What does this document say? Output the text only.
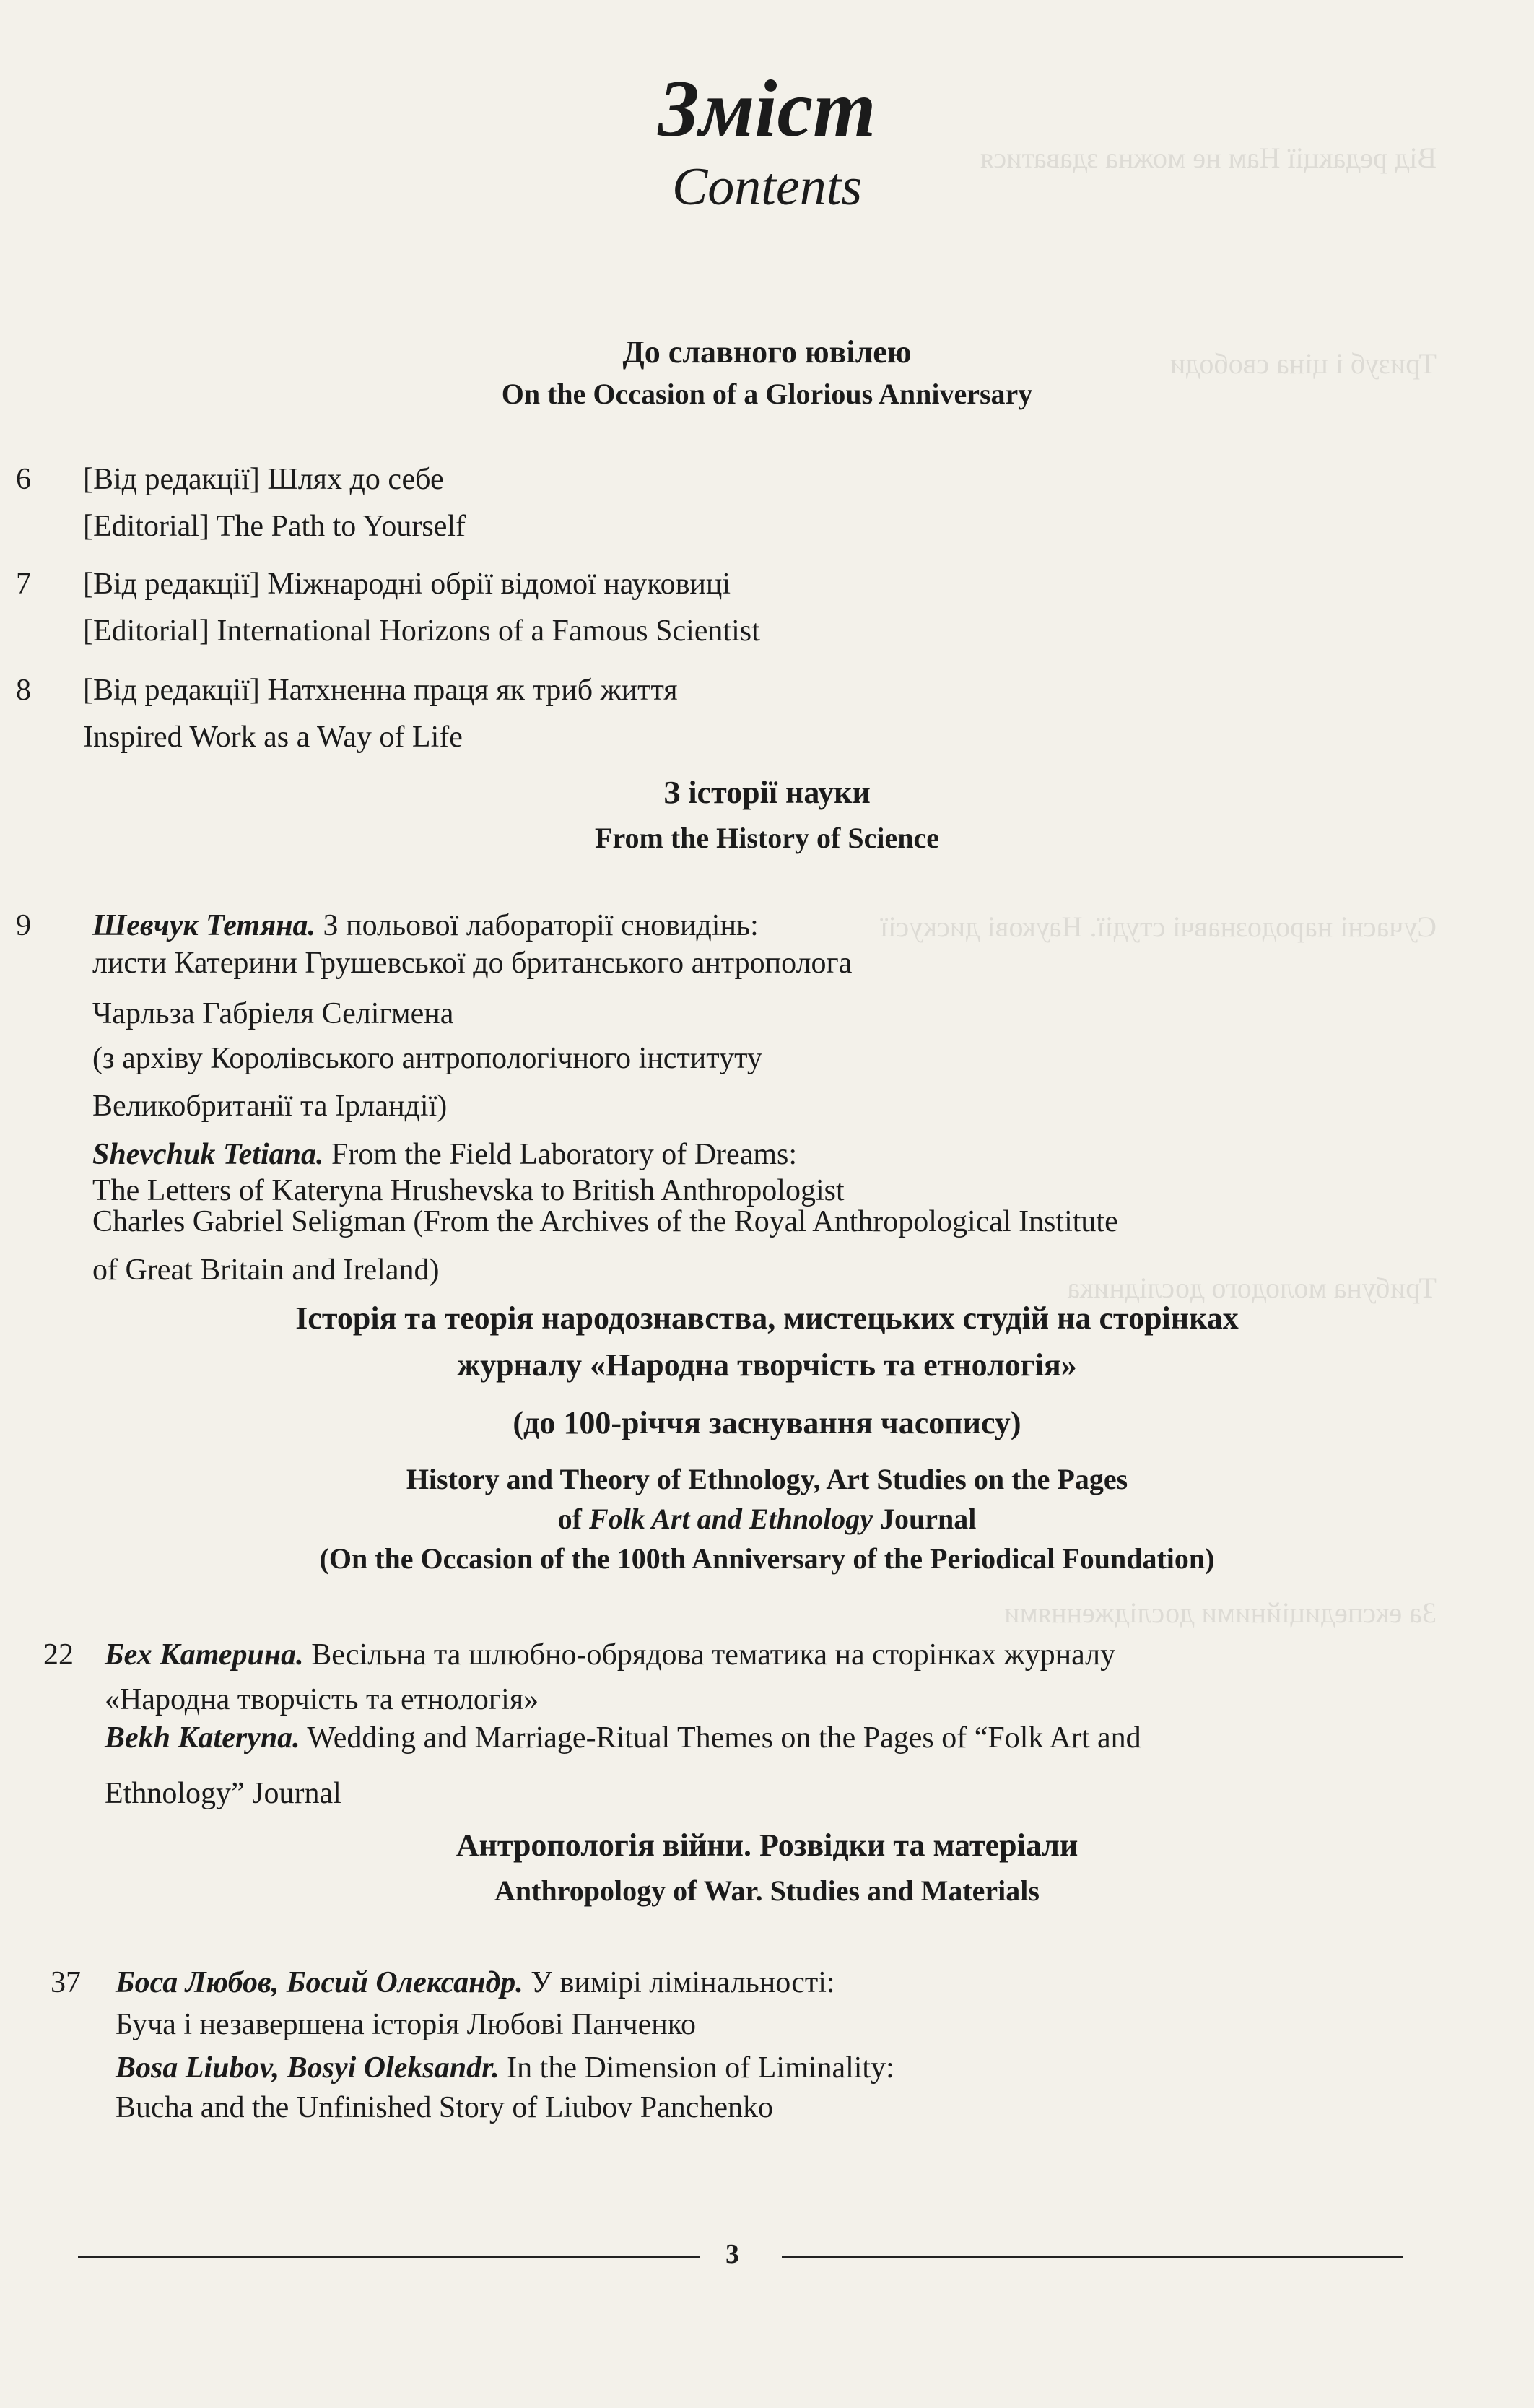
Від редакції Нам не можна здаватися
Тризуб і ціна свободи
Сучасні народознавчі студії. Наукові дискусії
Трибуна молодого дослідника
За експедиційними дослідженнями
Зміст
Contents
До славного ювілею
On the Occasion of a Glorious Anniversary
6 [Від редакції] Шлях до себе
[Editorial] The Path to Yourself
7 [Від редакції] Міжнародні обрії відомої науковиці
[Editorial] International Horizons of a Famous Scientist
8 [Від редакції] Натхненна праця як триб життя
Inspired Work as a Way of Life
З історії науки
From the History of Science
9 Шевчук Тетяна. З польової лабораторії сновидінь:
листи Катерини Грушевської до британського антрополога
Чарльза Габріеля Селігмена
(з архіву Королівського антропологічного інституту
Великобританії та Ірландії)
Shevchuk Tetiana. From the Field Laboratory of Dreams:
The Letters of Kateryna Hrushevska to British Anthropologist
Charles Gabriel Seligman (From the Archives of the Royal Anthropological Institute
of Great Britain and Ireland)
Історія та теорія народознавства, мистецьких студій на сторінках
журналу «Народна творчість та етнологія»
(до 100-річчя заснування часопису)
History and Theory of Ethnology, Art Studies on the Pages
of Folk Art and Ethnology Journal
(On the Occasion of the 100th Anniversary of the Periodical Foundation)
22 Бех Катерина. Весільна та шлюбно-обрядова тематика на сторінках журналу
«Народна творчість та етнологія»
Bekh Kateryna. Wedding and Marriage-Ritual Themes on the Pages of “Folk Art and
Ethnology” Journal
Антропологія війни. Розвідки та матеріали
Anthropology of War. Studies and Materials
37 Боса Любов, Босий Олександр. У вимірі лімінальності:
Буча і незавершена історія Любові Панченко
Bosa Liubov, Bosyi Oleksandr. In the Dimension of Liminality:
Bucha and the Unfinished Story of Liubov Panchenko
3
